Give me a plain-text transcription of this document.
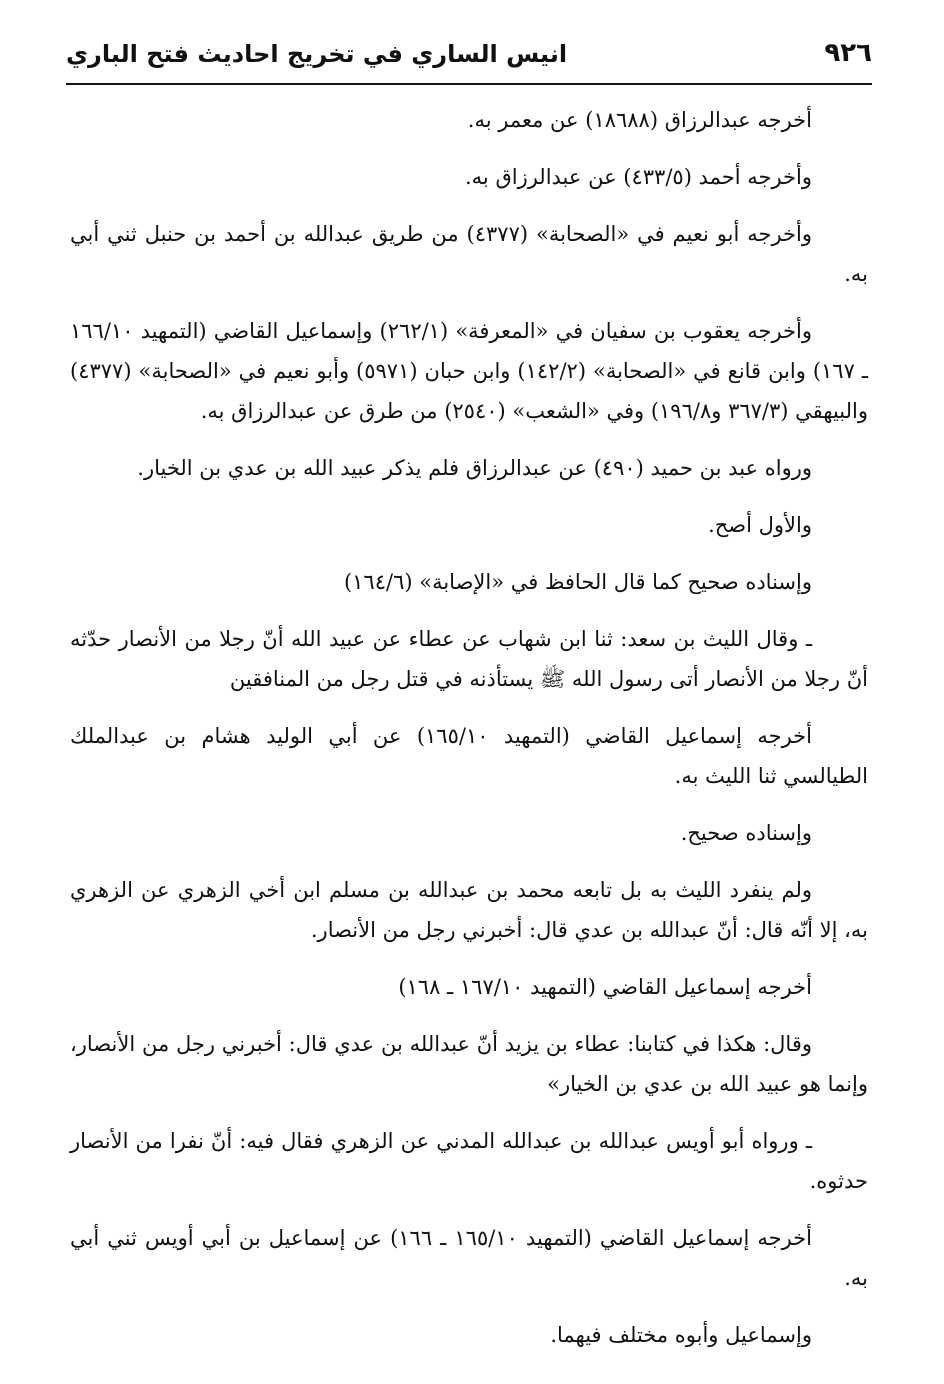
انيس الساري في تخريج احاديث فتح الباري	٩٢٦

أخرجه عبدالرزاق (١٨٦٨٨) عن معمر به.

وأخرجه أحمد (٤٣٣/٥) عن عبدالرزاق به.

وأخرجه أبو نعيم في «الصحابة» (٤٣٧٧) من طريق عبدالله بن أحمد بن حنبل ثني أبي به.

وأخرجه يعقوب بن سفيان في «المعرفة» (٢٦٢/١) وإسماعيل القاضي (التمهيد ١٦٦/١٠ ـ ١٦٧) وابن قانع في «الصحابة» (١٤٢/٢) وابن حبان (٥٩٧١) وأبو نعيم في «الصحابة» (٤٣٧٧) والبيهقي (٣٦٧/٣ و١٩٦/٨) وفي «الشعب» (٢٥٤٠) من طرق عن عبدالرزاق به.

ورواه عبد بن حميد (٤٩٠) عن عبدالرزاق فلم يذكر عبيد الله بن عدي بن الخيار.

والأول أصح.

وإسناده صحيح كما قال الحافظ في «الإصابة» (١٦٤/٦)

ـ وقال الليث بن سعد: ثنا ابن شهاب عن عطاء عن عبيد الله أنّ رجلا من الأنصار حدّثه أنّ رجلا من الأنصار أتى رسول الله ﷺ يستأذنه في قتل رجل من المنافقين

أخرجه إسماعيل القاضي (التمهيد ١٦٥/١٠) عن أبي الوليد هشام بن عبدالملك الطيالسي ثنا الليث به.

وإسناده صحيح.

ولم ينفرد الليث به بل تابعه محمد بن عبدالله بن مسلم ابن أخي الزهري عن الزهري به، إلا أنّه قال: أنّ عبدالله بن عدي قال: أخبرني رجل من الأنصار.

أخرجه إسماعيل القاضي (التمهيد ١٦٧/١٠ ـ ١٦٨)

وقال: هكذا في كتابنا: عطاء بن يزيد أنّ عبدالله بن عدي قال: أخبرني رجل من الأنصار، وإنما هو عبيد الله بن عدي بن الخيار»

ـ ورواه أبو أويس عبدالله بن عبدالله المدني عن الزهري فقال فيه: أنّ نفرا من الأنصار حدثوه.

أخرجه إسماعيل القاضي (التمهيد ١٦٥/١٠ ـ ١٦٦) عن إسماعيل بن أبي أويس ثني أبي به.

وإسماعيل وأبوه مختلف فيهما.
